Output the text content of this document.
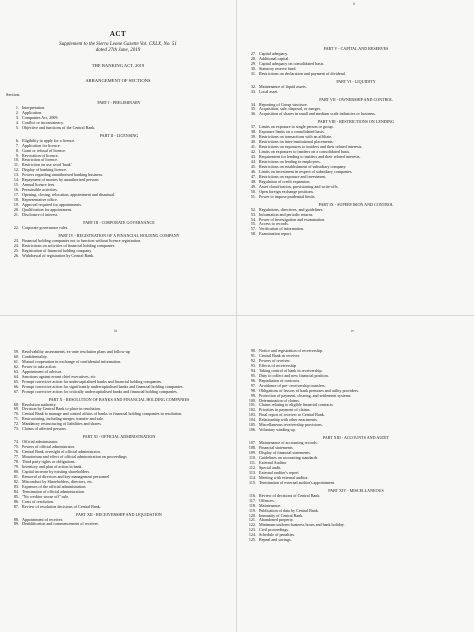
ACT
Supplement to the Sierra Leone Gazette Vol. CXLX, No. 51
dated 27th June, 2019
THE BANKING ACT, 2019
ARRANGEMENT OF SECTIONS
Section.
PART I - PRELIMINARY
1. Interpretation.
2. Application.
3. Companies Act, 2009.
4. Conflict or inconsistency.
5. Objective and functions of the Central Bank.
PART II - LICENSING
6. Eligibility to apply for a licence.
7. Application for licence.
8. Grant or refusal of licence.
9. Revocation of licence.
10. Restriction of licence.
11. Restriction on use word 'bank'
12. Display of banking licence.
13. Powers regarding unauthorised banking business.
14. Repayment of monies by unauthorised persons
15. Annual licence fees.
16. Permissible activities.
17. Opening, closing, relocation, appointment and dismissal.
18. Representative office.
19. Approval required for appointments.
20. Qualification for appointment.
21. Disclosure of interest.
PART III - CORPORATE GOVERNANCE
22. Corporate governance rules.
PART IV - REGISTRATION OF A FINANCIAL HOLDING COMPANY
23. Financial holding companies not to function without licence registration.
24. Restrictions on activities of financial holding companies.
25. Registration of financial holding company.
26. Withdrawal of registration by Central Bank.
ii
PART V - CAPITAL AND RESERVES
27. Capital adequacy.
28. Additional capital.
29. Capital adequacy on consolidated basis.
30. Statutory reserve fund.
31. Restrictions on declaration and payment of dividend.
PART VI - LIQUIDITY
32. Maintenance of liquid assets.
33. Local asset.
PART VII - OWNERSHIP AND CONTROL
34. Reporting of Group structure.
35. Acquisition, sale, disposal, or merger.
36. Acquisition of shares in small and medium scale industries or business.
PART VIII - RESTRICTIONS ON LENDING
37. Limits on exposure to single person or group.
38. Exposure limits on a consolidated basis.
39. Restrictions on transactions with an affiliate.
40. Restrictions on inter-institutional placements.
41. Restrictions on exposures to insiders and their related interests.
42. Limits on exposures to insiders on a consolidated basis.
43. Requirement for lending to insiders and their related interests.
44. Restrictions on lending to employees.
45. Restrictions on establishment of subsidiary company.
46. Limits on investment in respect of subsidiary companies.
47. Restrictions on exposure and investment.
48. Regulation of credit expansion.
49. Asset classification, provisioning and write-offs.
50. Open foreign exchange positions.
51. Power to impose prudential limits.
PART IX - SUPERVISION AND CONTROL
52. Regulations, directives, and guidelines.
53. Information and periodic returns.
54. Power of investigation and examination.
55. Access to records.
57. Verification of information.
58. Examination report.
iii
59. Resolvability assessments, ex-ante resolution plans and follow-up
60. Confidentiality.
61. Mutual cooperation in exchange of confidential information.
62. Power to take action.
63. Appointment of advisor.
64. Sanctions against errant chief executives, etc.
65. Prompt corrective action for undercapitalised banks and financial holding companies.
66. Prompt corrective action for significantly undercapitalised banks and financial holding companies.
67. Prompt corrective action for critically undercapitalised banks and financial holding companies.
PART X - RESOLUTION OF BANKS AND FINANCIAL HOLDING COMPANIES
68. Resolution authority.
69. Decision by Central Bank to place in resolution.
70. Central Bank to manage and control affairs of banks or financial holding companies in resolution.
71. Restructuring, including merger, transfer and sale.
72. Mandatory restructuring of liabilities and shares.
73. Claims of affected persons.
PART XI - OFFICIAL ADMINISTRATION
74. Official administrator.
75. Powers of official administrator.
76. Central Bank oversight of official administrator.
77. Moratorium and effect of official administration on proceedings
78. Third party rights or obligations.
79. Inventory and plan of action in bank.
80. Capital increase by existing shareholders.
81. Removal of directors and key management personnel
82. Misconduct by Shareholders, directors, etc.
83. Expenses of the official administration.
84. Termination of official administration.
85. "No creditor worse off" rule.
86. Costs of resolution.
87. Review of resolution decisions of Central Bank.
PART XII - RECEIVERSHIP AND LIQUIDATION
88. Appointment of receiver.
89. Deablification and commencement of receiver.
iv
90. Notice and registration of receivership.
91. Central Bank as receiver.
92. Powers of receiver.
93. Effects of receivership
94. Taking control of bank in receivership.
95. Duty to collect and new financial position.
96. Repudiation of contracts.
97. Avoidance of pre- receivership transfers.
98. Obligations of lessors of bank premises and utility providers.
99. Protection of payment, clearing, and settlement systems.
100. Determination of claims.
101. Claims relating to eligible financial contracts.
102. Priorities in payment of claims.
103. Final report of receiver to Central Bank.
104. Relationship with other enactments.
105. Miscellaneous receivership provisions.
106. Voluntary winding up.
PART XIII - ACCOUNTS AND AUDIT
107. Maintenance of accounting records.
108. Financial statements.
109. Display of financial statements.
110. Guidelines on accounting standards
111. External Auditor
112. Special audit.
113. External auditor's report
114. Meeting with external auditor.
115. Termination of external auditor's appointment.
PART XIV - MISCELLANEOUS
116. Review of decisions of Central Bank.
117. Offences.
118. Maintenance.
119. Publication of data by Central Bank.
120. Immunity of Central Bank.
121. Abandoned property.
122. Minimum uniform business hours and bank holiday.
123. Civil proceedings.
124. Schedule of penalties.
125. Repeal and savings.
